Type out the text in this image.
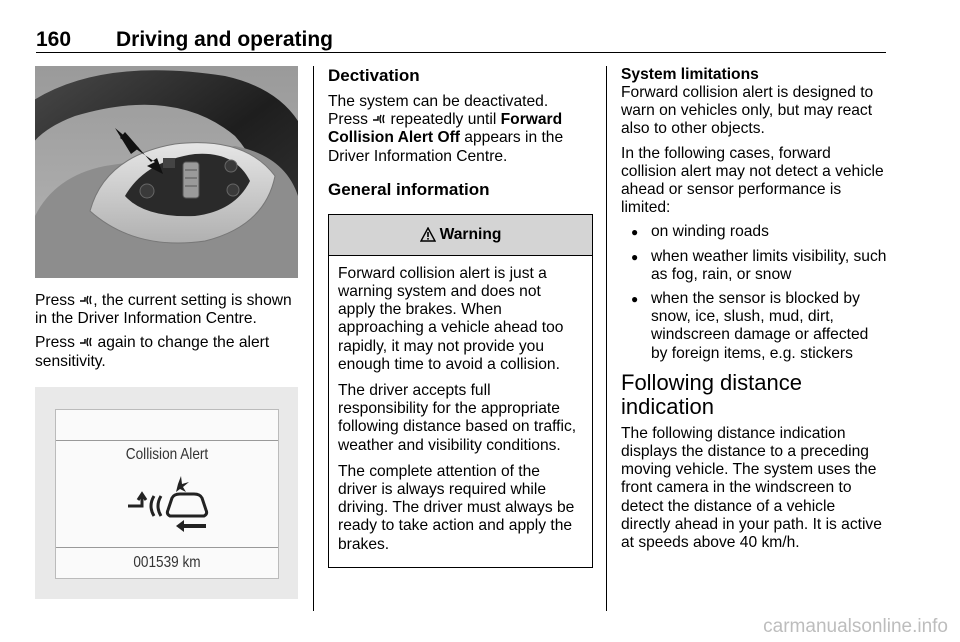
160 Driving and operating

Press , the current setting is shown in the Driver Information Centre.

Press  again to change the alert sensitivity.

Collision Alert
001539 km
Dectivation

The system can be deactivated.
Press  repeatedly until Forward Collision Alert Off appears in the Driver Information Centre.

General information
Warning

Forward collision alert is just a warning system and does not apply the brakes. When approaching a vehicle ahead too rapidly, it may not provide you enough time to avoid a collision.

The driver accepts full responsibility for the appropriate following distance based on traffic, weather and visibility conditions.

The complete attention of the driver is always required while driving. The driver must always be ready to take action and apply the brakes.

System limitations

Forward collision alert is designed to warn on vehicles only, but may react also to other objects.

In the following cases, forward collision alert may not detect a vehicle ahead or sensor performance is limited:

● on winding roads
● when weather limits visibility, such as fog, rain, or snow
● when the sensor is blocked by snow, ice, slush, mud, dirt, windscreen damage or affected by foreign items, e.g. stickers
Following distance indication

The following distance indication displays the distance to a preceding moving vehicle. The system uses the front camera in the windscreen to detect the distance of a vehicle directly ahead in your path. It is active at speeds above 40 km/h.

carmanualsonline.info
